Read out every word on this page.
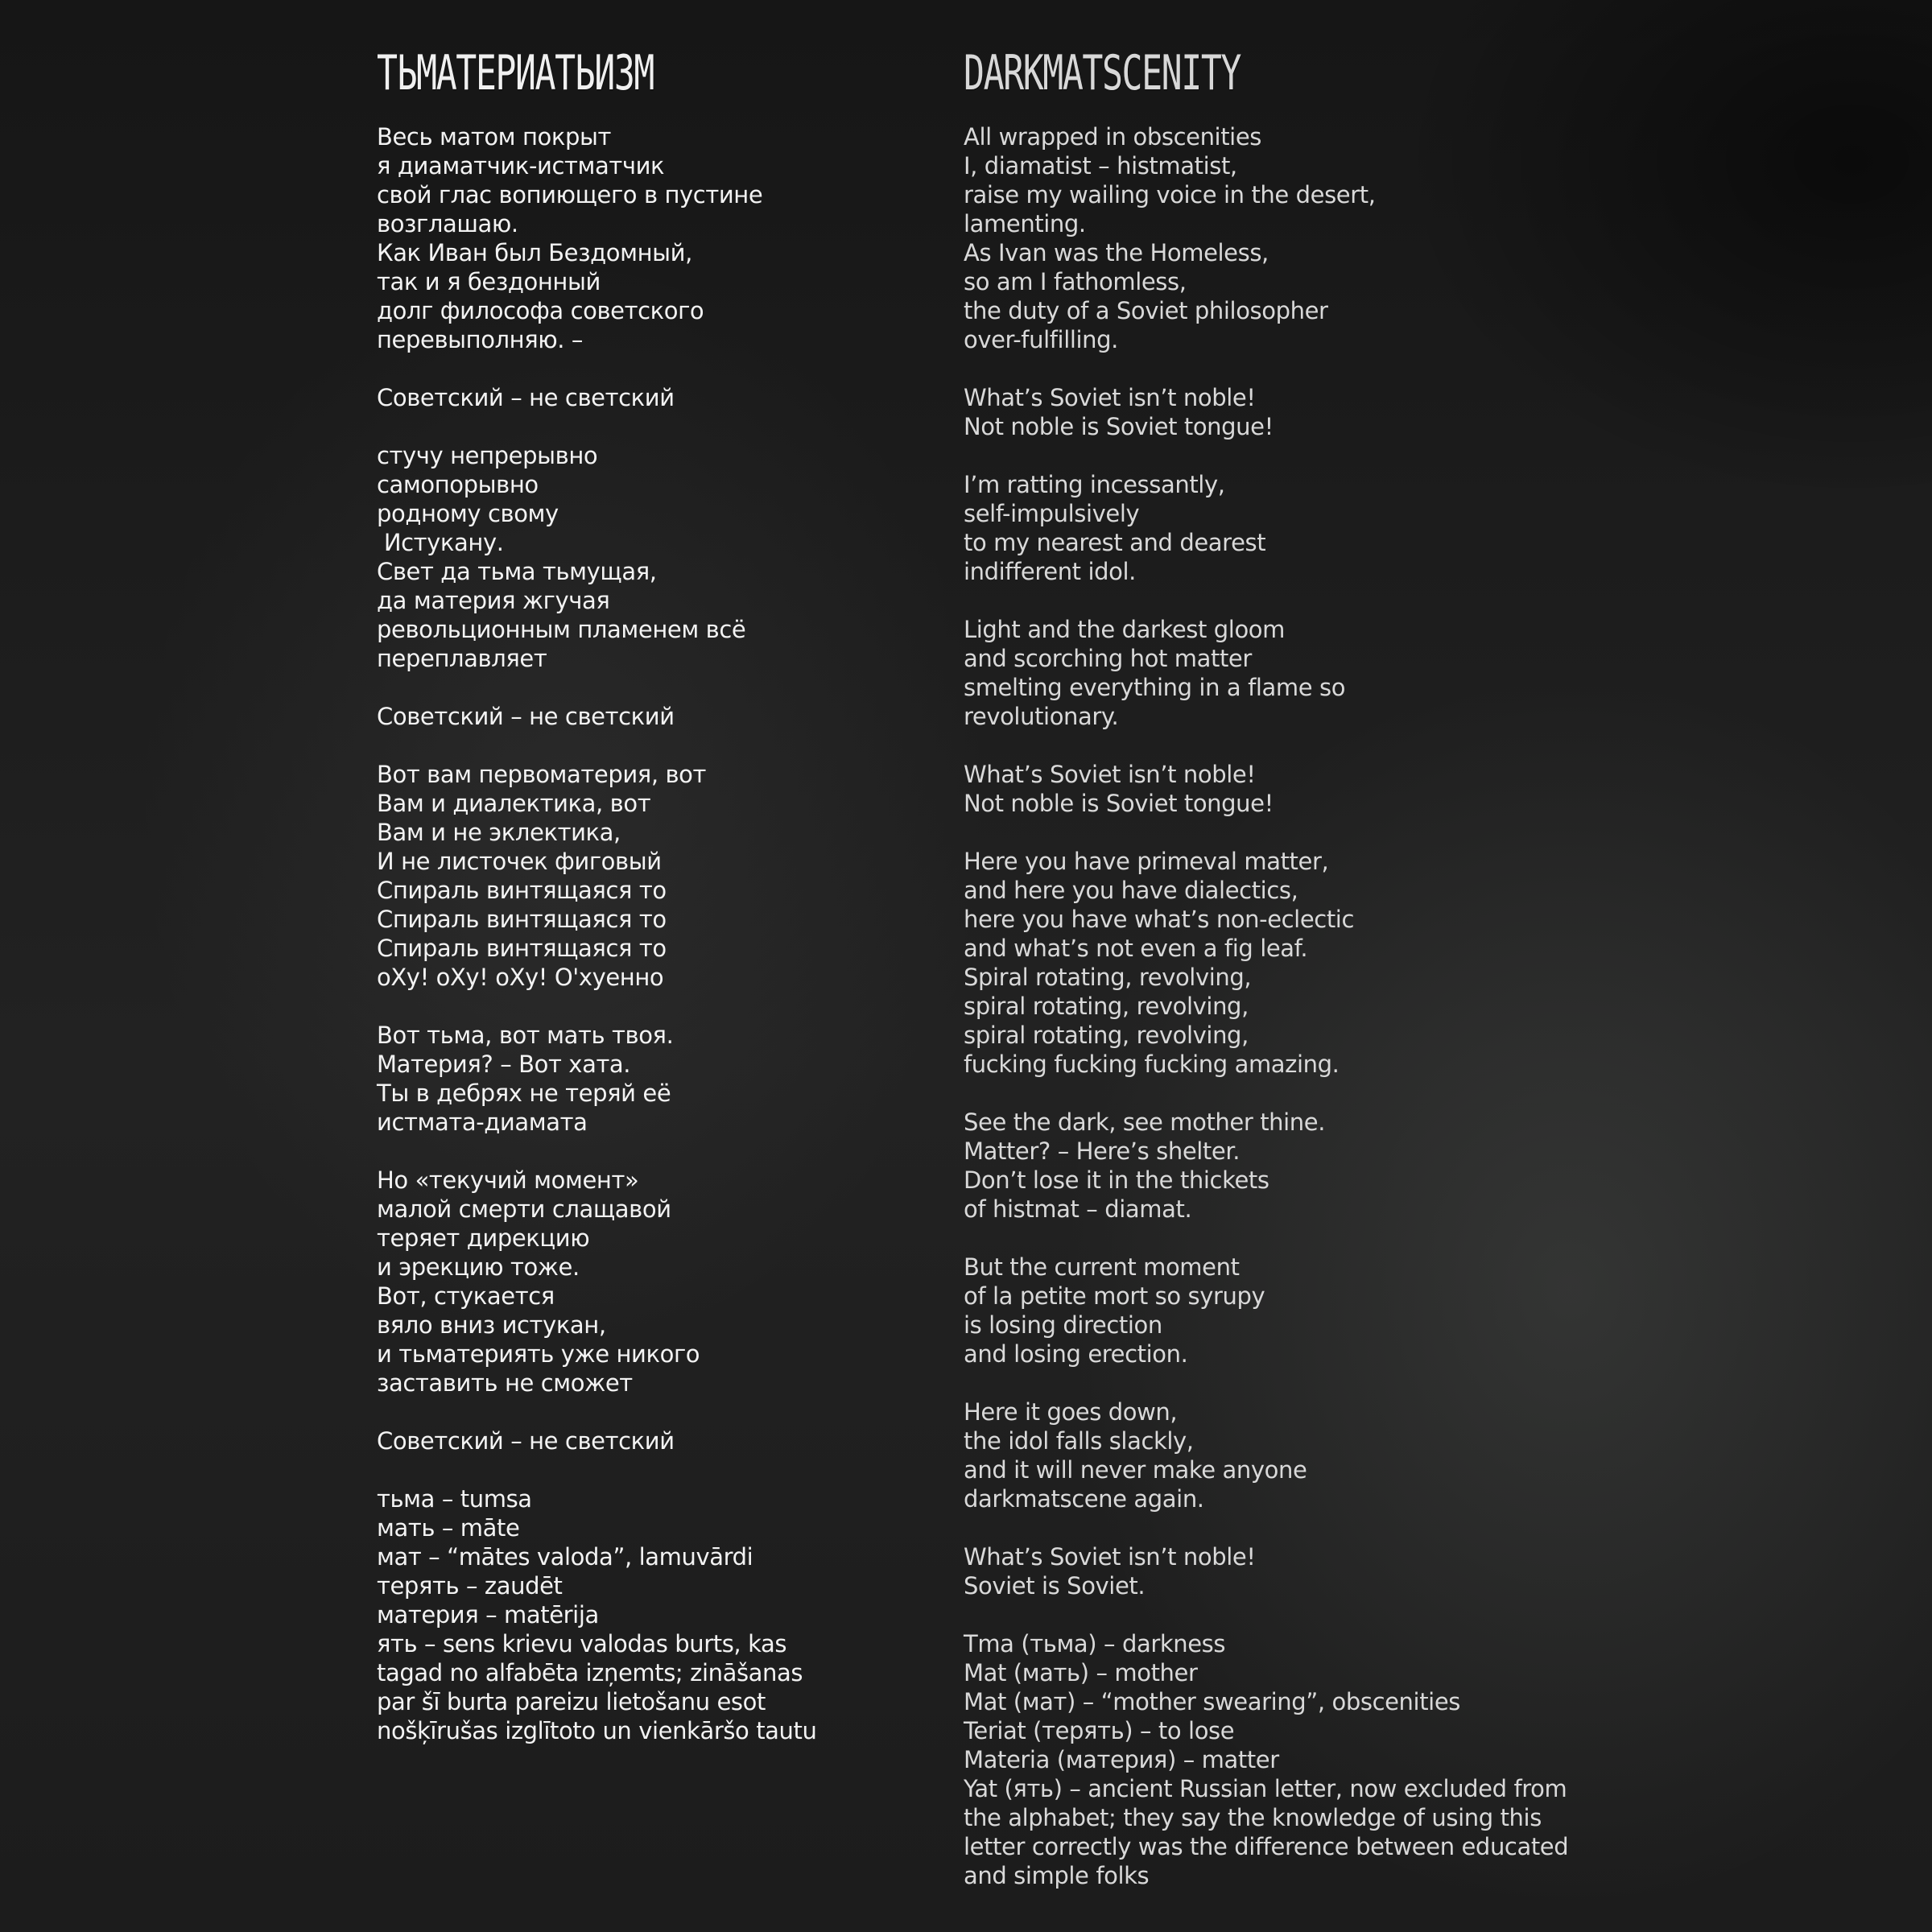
ТЬМАТЕРИАТЬИЗМ
Весь матом покрыт
я диаматчик-истматчик
свой глас вопиющего в пустине
возглашаю.
Как Иван был Бездомный,
так и я бездонный
долг философа советского
перевыполняю. –
Советский – не светский
стучу непрерывно
самопорывно
родному свому
Истукану.
Свет да тьма тьмущая,
да материя жгучая
револьционным пламенем всё
переплавляет
Советский – не светский
Вот вам первоматерия, вот
Вам и диалектика, вот
Вам и не эклектика,
И не листочек фиговый
Спираль винтящаяся то
Спираль винтящаяся то
Спираль винтящаяся то
оХу! оХу! оХу! О'хуенно
Вот тьма, вот мать твоя.
Материя? – Вот хата.
Ты в дебрях не теряй её
истмата-диамата
Но «текучий момент»
малой смерти слащавой
теряет дирекцию
и эрекцию тоже.
Вот, стукается
вяло вниз истукан,
и тьматериять уже никого
заставить не сможет
Советский – не светский
тьма – tumsa
мать – māte
мат – “mātes valoda”, lamuvārdi
терять – zaudēt
материя – matērija
ять – sens krievu valodas burts, kas
tagad no alfabēta izņemts; zināšanas
par šī burta pareizu lietošanu esot
nošķīrušas izglītoto un vienkāršo tautu
DARKMATSCENITY
All wrapped in obscenities
I, diamatist – histmatist,
raise my wailing voice in the desert,
lamenting.
As Ivan was the Homeless,
so am I fathomless,
the duty of a Soviet philosopher
over-fulfilling.
What’s Soviet isn’t noble!
Not noble is Soviet tongue!
I’m ratting incessantly,
self-impulsively
to my nearest and dearest
indifferent idol.
Light and the darkest gloom
and scorching hot matter
smelting everything in a flame so
revolutionary.
What’s Soviet isn’t noble!
Not noble is Soviet tongue!
Here you have primeval matter,
and here you have dialectics,
here you have what’s non-eclectic
and what’s not even a fig leaf.
Spiral rotating, revolving,
spiral rotating, revolving,
spiral rotating, revolving,
fucking fucking fucking amazing.
See the dark, see mother thine.
Matter? – Here’s shelter.
Don’t lose it in the thickets
of histmat – diamat.
But the current moment
of la petite mort so syrupy
is losing direction
and losing erection.
Here it goes down,
the idol falls slackly,
and it will never make anyone
darkmatscene again.
What’s Soviet isn’t noble!
Soviet is Soviet.
Tma (тьма) – darkness
Mat (мать) – mother
Mat (мат) – “mother swearing”, obscenities
Teriat (терять) – to lose
Materia (материя) – matter
Yat (ять) – ancient Russian letter, now excluded from
the alphabet; they say the knowledge of using this
letter correctly was the difference between educated
and simple folks
